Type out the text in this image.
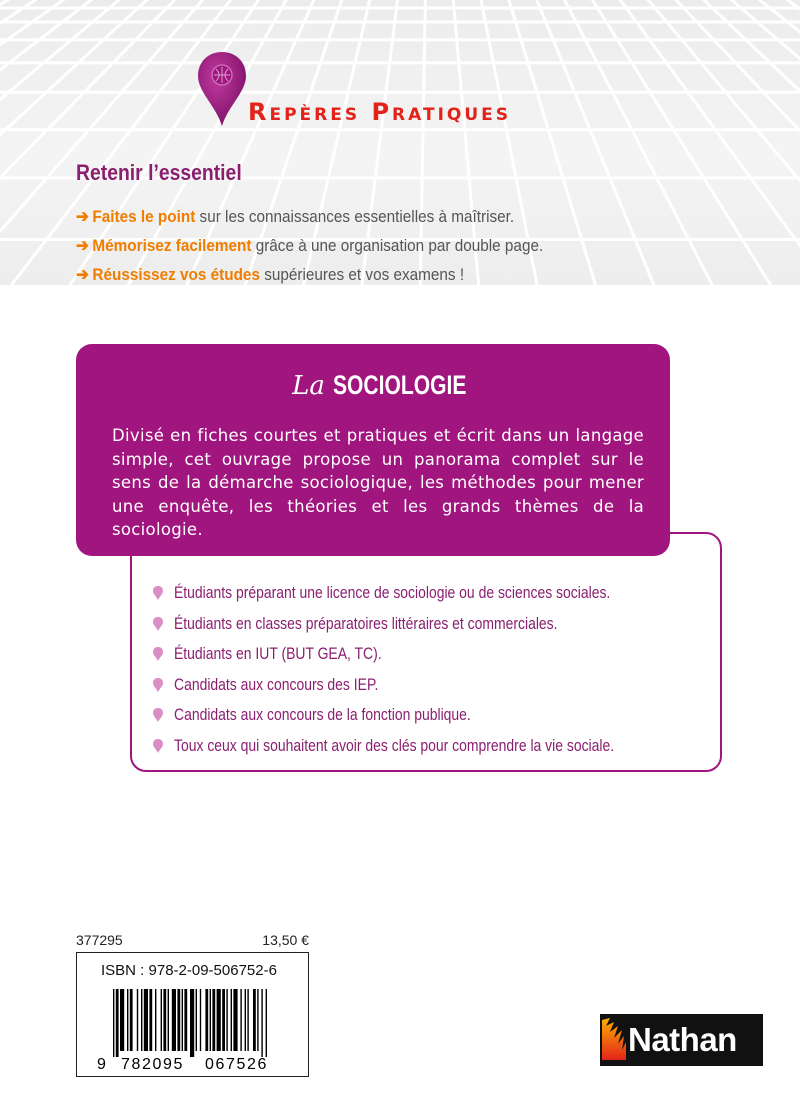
Repères Pratiques
Retenir l’essentiel
➔ Faites le point sur les connaissances essentielles à maîtriser.
➔ Mémorisez facilement grâce à une organisation par double page.
➔ Réussissez vos études supérieures et vos examens !
La SOCIOLOGIE

Divisé en fiches courtes et pratiques et écrit dans un langage simple, cet ouvrage propose un panorama complet sur le sens de la démarche sociologique, les méthodes pour mener une enquête, les théories et les grands thèmes de la sociologie.

Étudiants préparant une licence de sociologie ou de sciences sociales.
Étudiants en classes préparatoires littéraires et commerciales.
Étudiants en IUT (BUT GEA, TC).
Candidats aux concours des IEP.
Candidats aux concours de la fonction publique.
Toux ceux qui souhaitent avoir des clés pour comprendre la vie sociale.
377295	13,50 €
ISBN : 978-2-09-506752-6
9 782095 067526
Nathan
